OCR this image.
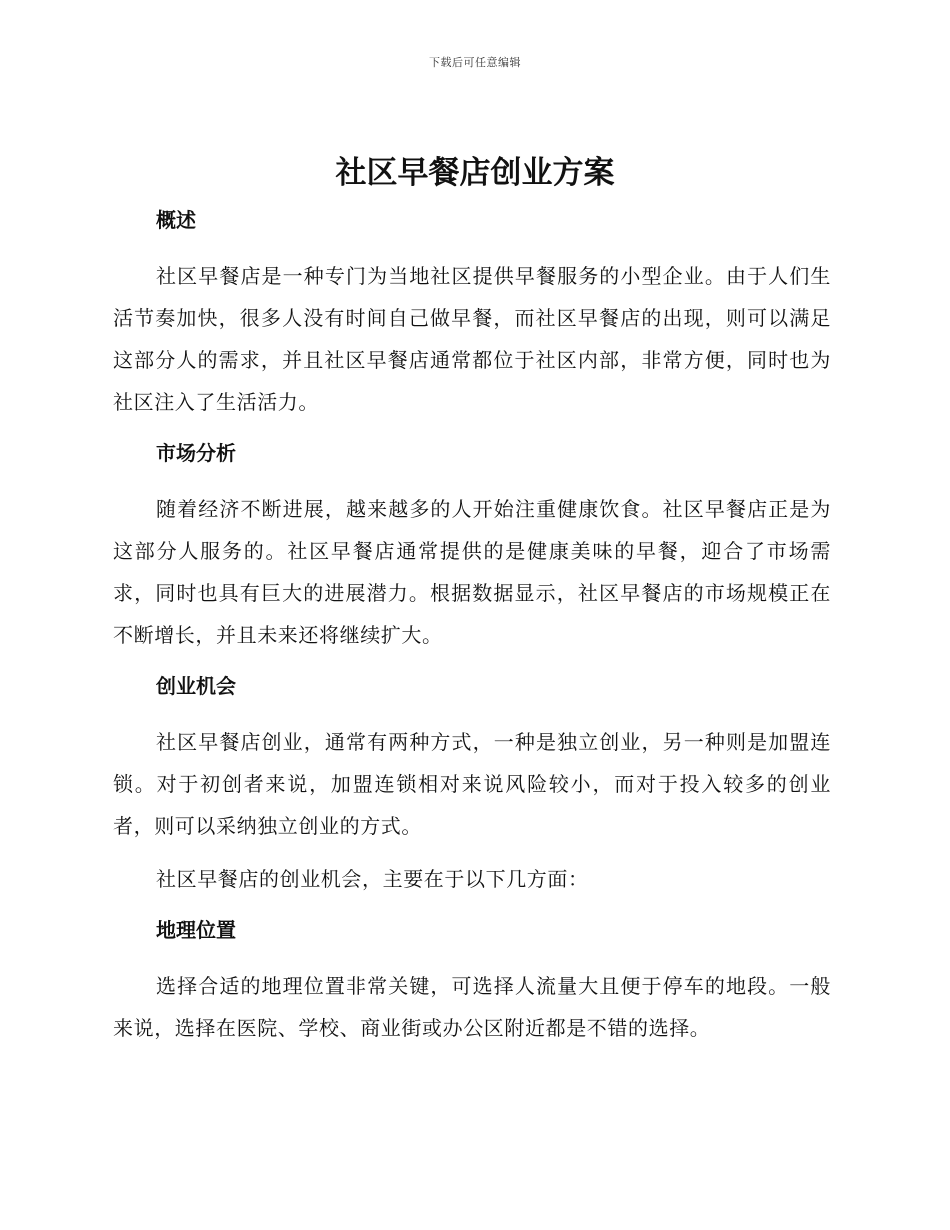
下载后可任意编辑
社区早餐店创业方案
概述

社区早餐店是一种专门为当地社区提供早餐服务的小型企业。由于人们生活节奏加快，很多人没有时间自己做早餐，而社区早餐店的出现，则可以满足这部分人的需求，并且社区早餐店通常都位于社区内部，非常方便，同时也为社区注入了生活活力。

市场分析

随着经济不断进展，越来越多的人开始注重健康饮食。社区早餐店正是为这部分人服务的。社区早餐店通常提供的是健康美味的早餐，迎合了市场需求，同时也具有巨大的进展潜力。根据数据显示，社区早餐店的市场规模正在不断增长，并且未来还将继续扩大。

创业机会

社区早餐店创业，通常有两种方式，一种是独立创业，另一种则是加盟连锁。对于初创者来说，加盟连锁相对来说风险较小，而对于投入较多的创业者，则可以采纳独立创业的方式。

社区早餐店的创业机会，主要在于以下几方面：

地理位置

选择合适的地理位置非常关键，可选择人流量大且便于停车的地段。一般来说，选择在医院、学校、商业街或办公区附近都是不错的选择。
